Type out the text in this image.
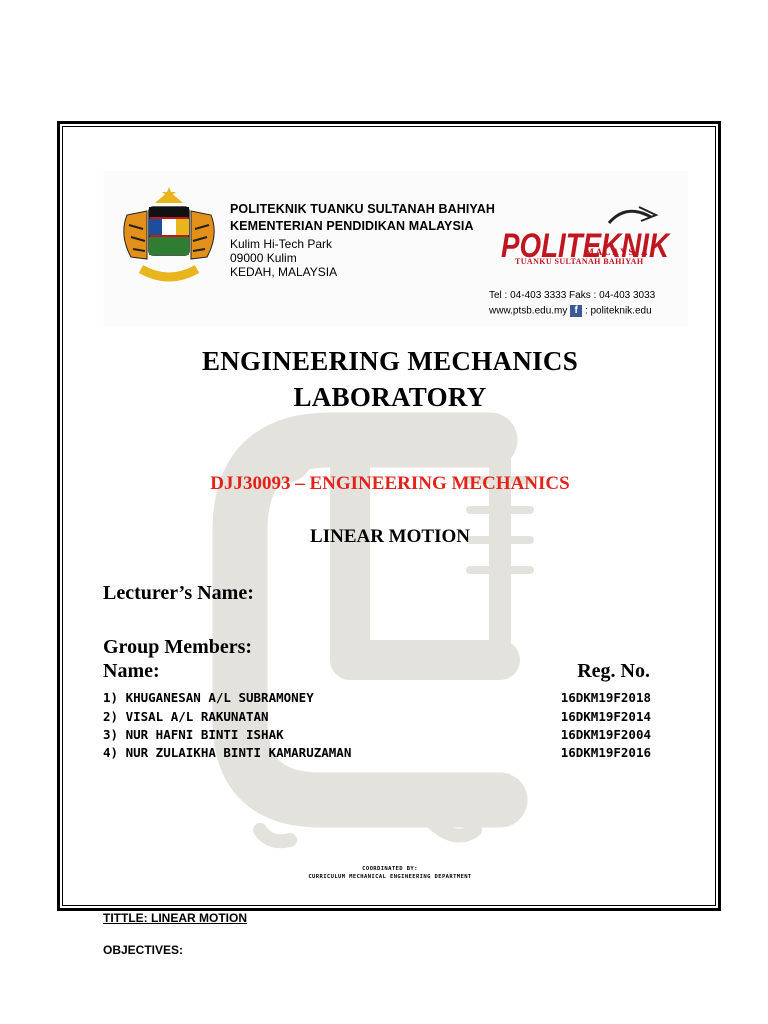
POLITEKNIK TUANKU SULTANAH BAHIYAH
KEMENTERIAN PENDIDIKAN MALAYSIA
Kulim Hi-Tech Park
09000 Kulim
KEDAH, MALAYSIA
POLITEKNIK
MALAYSIA
TUANKU SULTANAH BAHIYAH
Tel : 04-403 3333 Faks : 04-403 3033
www.ptsb.edu.my f : politeknik.edu
ENGINEERING MECHANICS
LABORATORY
DJJ30093 – ENGINEERING MECHANICS
LINEAR MOTION
Lecturer’s Name:
Group Members:
Name:	Reg. No.
1) KHUGANESAN A/L SUBRAMONEY	16DKM19F2018
2) VISAL A/L RAKUNATAN	16DKM19F2014
3) NUR HAFNI BINTI ISHAK	16DKM19F2004
4) NUR ZULAIKHA BINTI KAMARUZAMAN	16DKM19F2016
COORDINATED BY:
CURRICULUM MECHANICAL ENGINEERING DEPARTMENT
TITTLE: LINEAR MOTION
OBJECTIVES:
